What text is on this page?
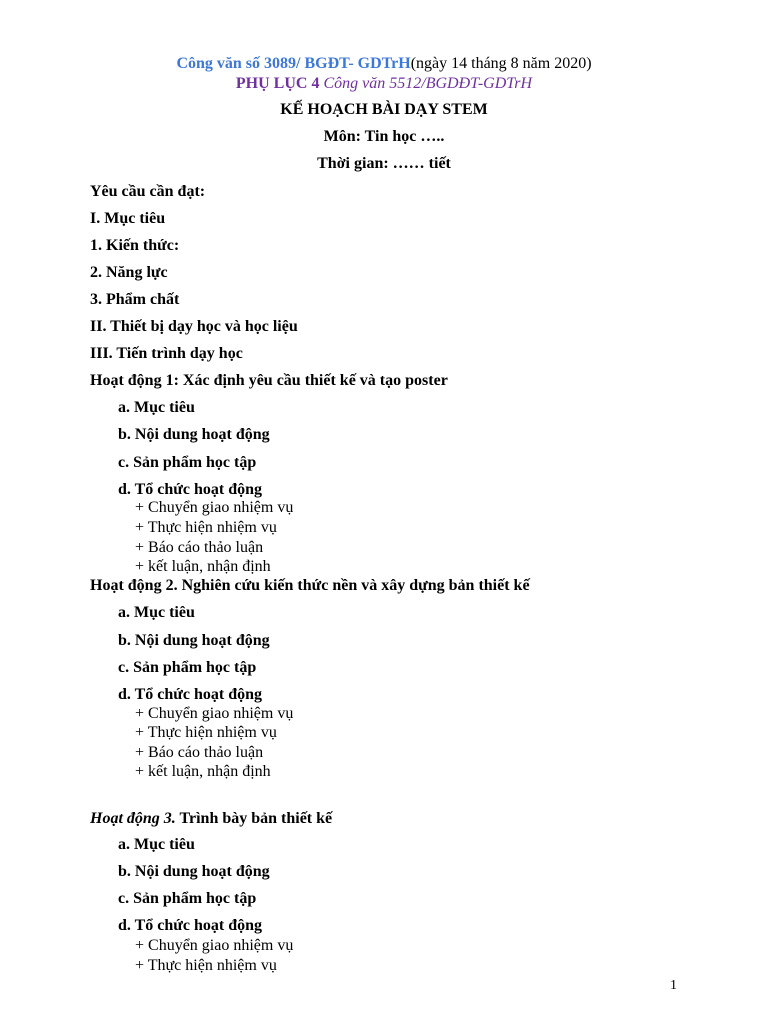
Công văn số 3089/ BGĐT- GDTrH(ngày 14 tháng 8 năm 2020)
PHỤ LỤC 4 Công văn 5512/BGDĐT-GDTrH
KẾ HOẠCH BÀI DẠY STEM
Môn: Tin học …..
Thời gian: …… tiết
Yêu cầu cần đạt:
I. Mục tiêu
1. Kiến thức:
2. Năng lực
3. Phẩm chất
II. Thiết bị dạy học và học liệu
III. Tiến trình dạy học
Hoạt động 1: Xác định yêu cầu thiết kế và tạo poster
a. Mục tiêu
b. Nội dung hoạt động
c. Sản phẩm học tập
d. Tổ chức hoạt động
+ Chuyển giao nhiệm vụ
+ Thực hiện nhiệm vụ
+ Báo cáo thảo luận
+ kết luận, nhận định
Hoạt động 2. Nghiên cứu kiến thức nền và xây dựng bản thiết kế
a. Mục tiêu
b. Nội dung hoạt động
c. Sản phẩm học tập
d. Tổ chức hoạt động
+ Chuyển giao nhiệm vụ
+ Thực hiện nhiệm vụ
+ Báo cáo thảo luận
+ kết luận, nhận định
Hoạt động 3. Trình bày bản thiết kế
a. Mục tiêu
b. Nội dung hoạt động
c. Sản phẩm học tập
d. Tổ chức hoạt động
+ Chuyển giao nhiệm vụ
+ Thực hiện nhiệm vụ
1
